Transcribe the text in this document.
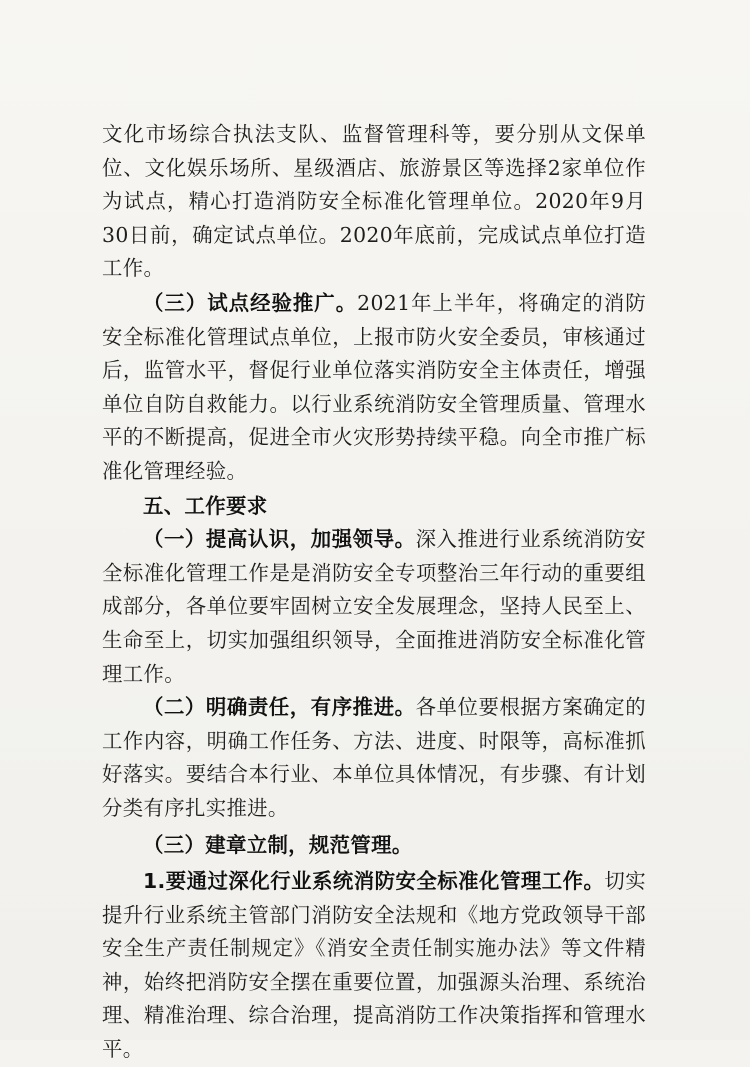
文化市场综合执法支队、监督管理科等，要分别从文保单位、文化娱乐场所、星级酒店、旅游景区等选择2家单位作为试点，精心打造消防安全标准化管理单位。2020年9月30日前，确定试点单位。2020年底前，完成试点单位打造工作。

（三）试点经验推广。2021年上半年，将确定的消防安全标准化管理试点单位，上报市防火安全委员，审核通过后，监管水平，督促行业单位落实消防安全主体责任，增强单位自防自救能力。以行业系统消防安全管理质量、管理水平的不断提高，促进全市火灾形势持续平稳。向全市推广标准化管理经验。

五、工作要求

（一）提高认识，加强领导。深入推进行业系统消防安全标准化管理工作是是消防安全专项整治三年行动的重要组成部分，各单位要牢固树立安全发展理念，坚持人民至上、生命至上，切实加强组织领导，全面推进消防安全标准化管理工作。

（二）明确责任，有序推进。各单位要根据方案确定的工作内容，明确工作任务、方法、进度、时限等，高标准抓好落实。要结合本行业、本单位具体情况，有步骤、有计划分类有序扎实推进。

（三）建章立制，规范管理。

1.要通过深化行业系统消防安全标准化管理工作。切实提升行业系统主管部门消防安全法规和《地方党政领导干部安全生产责任制规定》《消安全责任制实施办法》等文件精神，始终把消防安全摆在重要位置，加强源头治理、系统治理、精准治理、综合治理，提高消防工作决策指挥和管理水平。
